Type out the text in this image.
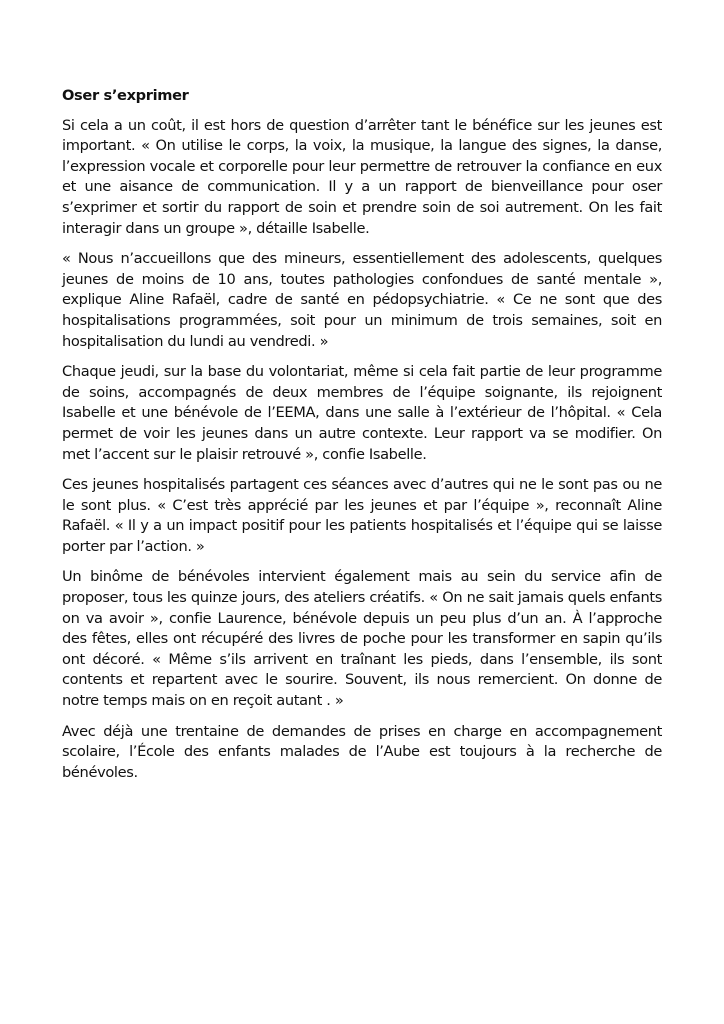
Oser s’exprimer

Si cela a un coût, il est hors de question d’arrêter tant le bénéfice sur les jeunes est important. « On utilise le corps, la voix, la musique, la langue des signes, la danse, l’expression vocale et corporelle pour leur permettre de retrouver la confiance en eux et une aisance de communication. Il y a un rapport de bienveillance pour oser s’exprimer et sortir du rapport de soin et prendre soin de soi autrement. On les fait interagir dans un groupe », détaille Isabelle.

« Nous n’accueillons que des mineurs, essentiellement des adolescents, quelques jeunes de moins de 10 ans, toutes pathologies confondues de santé mentale », explique Aline Rafaël, cadre de santé en pédopsychiatrie. « Ce ne sont que des hospitalisations programmées, soit pour un minimum de trois semaines, soit en hospitalisation du lundi au vendredi. »

Chaque jeudi, sur la base du volontariat, même si cela fait partie de leur programme de soins, accompagnés de deux membres de l’équipe soignante, ils rejoignent Isabelle et une bénévole de l’EEMA, dans une salle à l’extérieur de l’hôpital. « Cela permet de voir les jeunes dans un autre contexte. Leur rapport va se modifier. On met l’accent sur le plaisir retrouvé », confie Isabelle.

Ces jeunes hospitalisés partagent ces séances avec d’autres qui ne le sont pas ou ne le sont plus. « C’est très apprécié par les jeunes et par l’équipe », reconnaît Aline Rafaël. « Il y a un impact positif pour les patients hospitalisés et l’équipe qui se laisse porter par l’action. »

Un binôme de bénévoles intervient également mais au sein du service afin de proposer, tous les quinze jours, des ateliers créatifs. « On ne sait jamais quels enfants on va avoir », confie Laurence, bénévole depuis un peu plus d’un an. À l’approche des fêtes, elles ont récupéré des livres de poche pour les transformer en sapin qu’ils ont décoré. « Même s’ils arrivent en traînant les pieds, dans l’ensemble, ils sont contents et repartent avec le sourire. Souvent, ils nous remercient. On donne de notre temps mais on en reçoit autant . »

Avec déjà une trentaine de demandes de prises en charge en accompagnement scolaire, l’École des enfants malades de l’Aube est toujours à la recherche de bénévoles.
